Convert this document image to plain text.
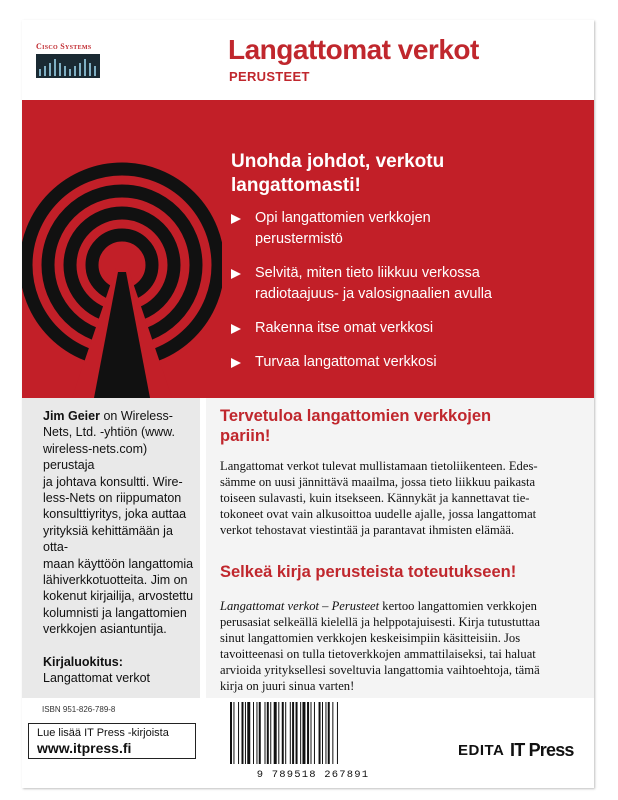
Cisco Systems	Langattomat verkot

PERUSTEET

Unohda johdot, verkotu
langattomasti!

Opi langattomien verkkojen
perustermistö
Selvitä, miten tieto liikkuu verkossa
radiotaajuus- ja valosignaalien avulla
Rakenna itse omat verkkosi
Turvaa langattomat verkkosi

Jim Geier on Wireless-
Nets, Ltd. -yhtiön (www.
wireless-nets.com) perustaja
ja johtava konsultti. Wire-
less-Nets on riippumaton
konsulttiyritys, joka auttaa
yrityksiä kehittämään ja otta-
maan käyttöön langattomia
lähiverkkotuotteita. Jim on
kokenut kirjailija, arvostettu
kolumnisti ja langattomien
verkkojen asiantuntija.

Kirjaluokitus:

Langattomat verkot

Tervetuloa langattomien verkkojen
pariin!

Langattomat verkot tulevat mullistamaan tietoliikenteen. Edes-
sämme on uusi jännittävä maailma, jossa tieto liikkuu paikasta
toiseen sulavasti, kuin itsekseen. Kännykät ja kannettavat tie-
tokoneet ovat vain alkusoittoa uudelle ajalle, jossa langattomat
verkot tehostavat viestintää ja parantavat ihmisten elämää.

Selkeä kirja perusteista toteutukseen!

Langattomat verkot – Perusteet kertoo langattomien verkkojen
perusasiat selkeällä kielellä ja helppotajuisesti. Kirja tutustuttaa
sinut langattomien verkkojen keskeisimpiin käsitteisiin. Jos
tavoitteenasi on tulla tietoverkkojen ammattilaiseksi, tai haluat
arvioida yrityksellesi soveltuvia langattomia vaihtoehtoja, tämä
kirja on juuri sinua varten!

ISBN 951-826-789-8

Lue lisää IT Press -kirjoista

www.itpress.fi

9 789518 267891

EDITA IT Press
